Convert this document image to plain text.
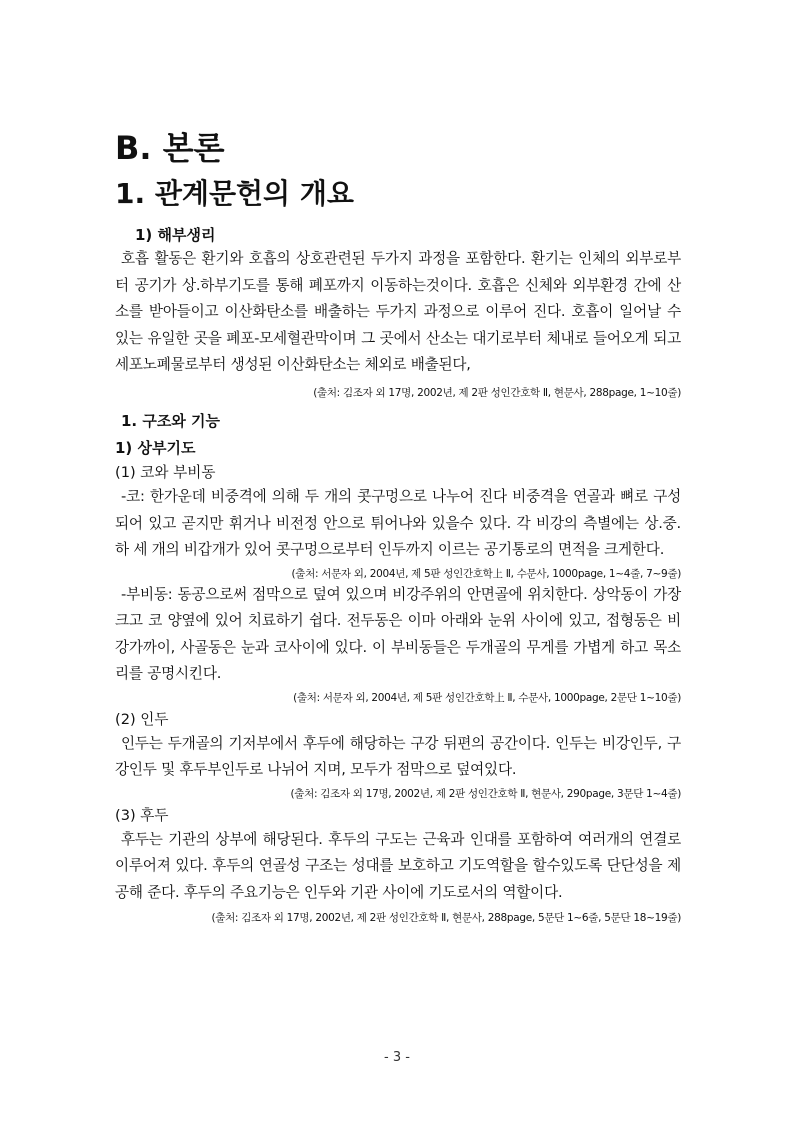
B. 본론
1. 관계문헌의 개요
1) 해부생리
호흡 활동은 환기와 호흡의 상호관련된 두가지 과정을 포함한다. 환기는 인체의 외부로부터 공기가 상.하부기도를 통해 폐포까지 이동하는것이다. 호흡은 신체와 외부환경 간에 산소를 받아들이고 이산화탄소를 배출하는 두가지 과정으로 이루어 진다. 호흡이 일어날 수 있는 유일한 곳을 폐포-모세혈관막이며 그 곳에서 산소는 대기로부터 체내로 들어오게 되고 세포노폐물로부터 생성된 이산화탄소는 체외로 배출된다,
(출처: 김조자 외 17명, 2002년, 제 2판 성인간호학 Ⅱ, 현문사, 288page, 1~10줄)
1. 구조와 기능
1) 상부기도
(1) 코와 부비동
-코: 한가운데 비중격에 의해 두 개의 콧구멍으로 나누어 진다 비중격을 연골과 뼈로 구성되어 있고 곧지만 휘거나 비전정 안으로 튀어나와 있을수 있다. 각 비강의 측별에는 상.중.하 세 개의 비갑개가 있어 콧구멍으로부터 인두까지 이르는 공기통로의 면적을 크게한다.
(출처: 서문자 외, 2004년, 제 5판 성인간호학上 Ⅱ, 수문사, 1000page, 1~4줄, 7~9줄)
-부비동: 동공으로써 점막으로 덮여 있으며 비강주위의 안면골에 위치한다. 상악동이 가장크고 코 양옆에 있어 치료하기 쉽다. 전두동은 이마 아래와 눈위 사이에 있고, 접형동은 비강가까이, 사골동은 눈과 코사이에 있다. 이 부비동들은 두개골의 무게를 가볍게 하고 목소리를 공명시킨다.
(출처: 서문자 외, 2004년, 제 5판 성인간호학上 Ⅱ, 수문사, 1000page, 2문단 1~10줄)
(2) 인두
인두는 두개골의 기저부에서 후두에 해당하는 구강 뒤편의 공간이다. 인두는 비강인두, 구강인두 및 후두부인두로 나뉘어 지며, 모두가 점막으로 덮여있다.
(출처: 김조자 외 17명, 2002년, 제 2판 성인간호학 Ⅱ, 현문사, 290page, 3문단 1~4줄)
(3) 후두
후두는 기관의 상부에 해당된다. 후두의 구도는 근육과 인대를 포함하여 여러개의 연결로 이루어져 있다. 후두의 연골성 구조는 성대를 보호하고 기도역할을 할수있도록 단단성을 제공해 준다. 후두의 주요기능은 인두와 기관 사이에 기도로서의 역할이다.
(출처: 김조자 외 17명, 2002년, 제 2판 성인간호학 Ⅱ, 현문사, 288page, 5문단 1~6줄, 5문단 18~19줄)
- 3 -
